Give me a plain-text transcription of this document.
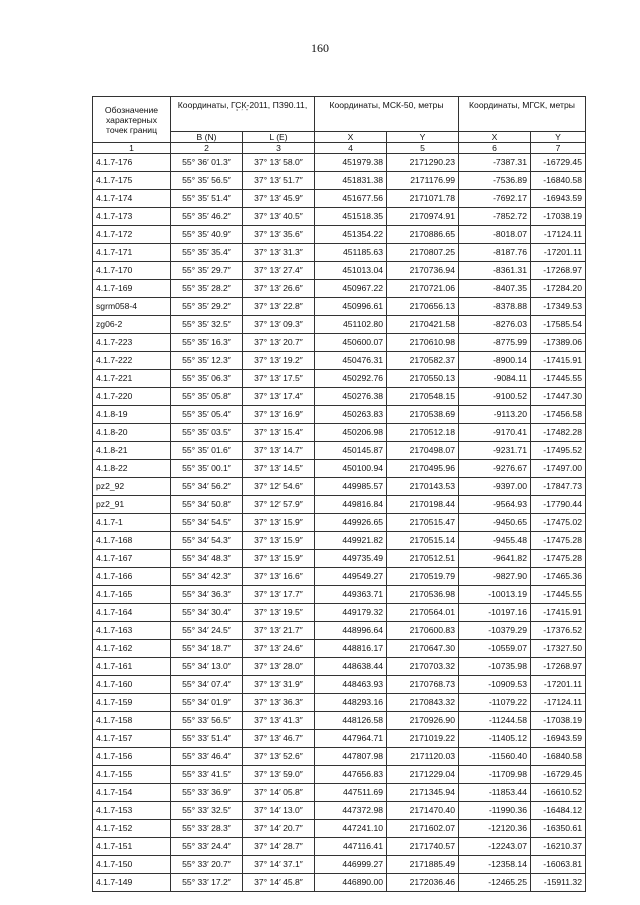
160
Обозначение характерных точек границ	Координаты, ГСК-2011, ПЗ90.11,
° ′ ″		Координаты, МСК-50, метры		Координаты, МГСК, метры	
	B (N)	L (E)	X	Y	X	Y
1	2	3	4	5	6	7
4.1.7-176	55° 36′ 01.3″	37° 13′ 58.0″	451979.38	2171290.23	-7387.31	-16729.45
4.1.7-175	55° 35′ 56.5″	37° 13′ 51.7″	451831.38	2171176.99	-7536.89	-16840.58
4.1.7-174	55° 35′ 51.4″	37° 13′ 45.9″	451677.56	2171071.78	-7692.17	-16943.59
4.1.7-173	55° 35′ 46.2″	37° 13′ 40.5″	451518.35	2170974.91	-7852.72	-17038.19
4.1.7-172	55° 35′ 40.9″	37° 13′ 35.6″	451354.22	2170886.65	-8018.07	-17124.11
4.1.7-171	55° 35′ 35.4″	37° 13′ 31.3″	451185.63	2170807.25	-8187.76	-17201.11
4.1.7-170	55° 35′ 29.7″	37° 13′ 27.4″	451013.04	2170736.94	-8361.31	-17268.97
4.1.7-169	55° 35′ 28.2″	37° 13′ 26.6″	450967.22	2170721.06	-8407.35	-17284.20
sgrm058-4	55° 35′ 29.2″	37° 13′ 22.8″	450996.61	2170656.13	-8378.88	-17349.53
zg06-2	55° 35′ 32.5″	37° 13′ 09.3″	451102.80	2170421.58	-8276.03	-17585.54
4.1.7-223	55° 35′ 16.3″	37° 13′ 20.7″	450600.07	2170610.98	-8775.99	-17389.06
4.1.7-222	55° 35′ 12.3″	37° 13′ 19.2″	450476.31	2170582.37	-8900.14	-17415.91
4.1.7-221	55° 35′ 06.3″	37° 13′ 17.5″	450292.76	2170550.13	-9084.11	-17445.55
4.1.7-220	55° 35′ 05.8″	37° 13′ 17.4″	450276.38	2170548.15	-9100.52	-17447.30
4.1.8-19	55° 35′ 05.4″	37° 13′ 16.9″	450263.83	2170538.69	-9113.20	-17456.58
4.1.8-20	55° 35′ 03.5″	37° 13′ 15.4″	450206.98	2170512.18	-9170.41	-17482.28
4.1.8-21	55° 35′ 01.6″	37° 13′ 14.7″	450145.87	2170498.07	-9231.71	-17495.52
4.1.8-22	55° 35′ 00.1″	37° 13′ 14.5″	450100.94	2170495.96	-9276.67	-17497.00
pz2_92	55° 34′ 56.2″	37° 12′ 54.6″	449985.57	2170143.53	-9397.00	-17847.73
pz2_91	55° 34′ 50.8″	37° 12′ 57.9″	449816.84	2170198.44	-9564.93	-17790.44
4.1.7-1	55° 34′ 54.5″	37° 13′ 15.9″	449926.65	2170515.47	-9450.65	-17475.02
4.1.7-168	55° 34′ 54.3″	37° 13′ 15.9″	449921.82	2170515.14	-9455.48	-17475.28
4.1.7-167	55° 34′ 48.3″	37° 13′ 15.9″	449735.49	2170512.51	-9641.82	-17475.28
4.1.7-166	55° 34′ 42.3″	37° 13′ 16.6″	449549.27	2170519.79	-9827.90	-17465.36
4.1.7-165	55° 34′ 36.3″	37° 13′ 17.7″	449363.71	2170536.98	-10013.19	-17445.55
4.1.7-164	55° 34′ 30.4″	37° 13′ 19.5″	449179.32	2170564.01	-10197.16	-17415.91
4.1.7-163	55° 34′ 24.5″	37° 13′ 21.7″	448996.64	2170600.83	-10379.29	-17376.52
4.1.7-162	55° 34′ 18.7″	37° 13′ 24.6″	448816.17	2170647.30	-10559.07	-17327.50
4.1.7-161	55° 34′ 13.0″	37° 13′ 28.0″	448638.44	2170703.32	-10735.98	-17268.97
4.1.7-160	55° 34′ 07.4″	37° 13′ 31.9″	448463.93	2170768.73	-10909.53	-17201.11
4.1.7-159	55° 34′ 01.9″	37° 13′ 36.3″	448293.16	2170843.32	-11079.22	-17124.11
4.1.7-158	55° 33′ 56.5″	37° 13′ 41.3″	448126.58	2170926.90	-11244.58	-17038.19
4.1.7-157	55° 33′ 51.4″	37° 13′ 46.7″	447964.71	2171019.22	-11405.12	-16943.59
4.1.7-156	55° 33′ 46.4″	37° 13′ 52.6″	447807.98	2171120.03	-11560.40	-16840.58
4.1.7-155	55° 33′ 41.5″	37° 13′ 59.0″	447656.83	2171229.04	-11709.98	-16729.45
4.1.7-154	55° 33′ 36.9″	37° 14′ 05.8″	447511.69	2171345.94	-11853.44	-16610.52
4.1.7-153	55° 33′ 32.5″	37° 14′ 13.0″	447372.98	2171470.40	-11990.36	-16484.12
4.1.7-152	55° 33′ 28.3″	37° 14′ 20.7″	447241.10	2171602.07	-12120.36	-16350.61
4.1.7-151	55° 33′ 24.4″	37° 14′ 28.7″	447116.41	2171740.57	-12243.07	-16210.37
4.1.7-150	55° 33′ 20.7″	37° 14′ 37.1″	446999.27	2171885.49	-12358.14	-16063.81
4.1.7-149	55° 33′ 17.2″	37° 14′ 45.8″	446890.00	2172036.46	-12465.25	-15911.32
